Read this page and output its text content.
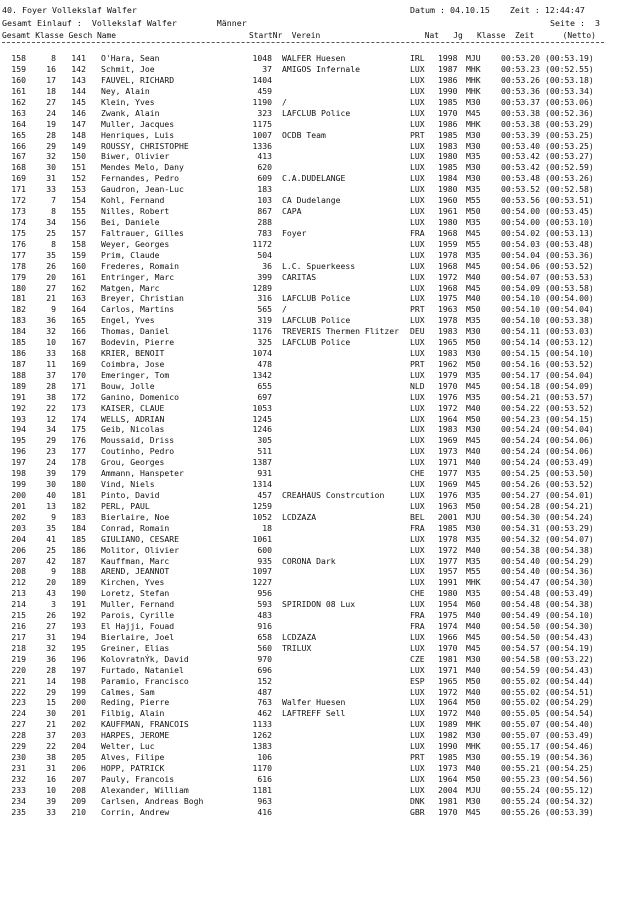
40. Foyer Vollekslaf Walfer	Datum : 04.10.15    Zeit : 12:44:47
Gesamt Einlauf :  Vollekslaf Walfer        Männer	Seite :  3
Gesamt Klasse Gesch Name                            StartNr  Verein                      Nat   Jg   Klasse  Zeit      (Netto)
158	8 141 O'Hara, Sean	1048 WALFER Huesen	IRL 1998 MJU	00:53.20 (00:53.19)
159	16 142 Schmit, Joe	37 AMIGOS Infernale	LUX 1987 MHK	00:53.23 (00:52.55)
160	17 143 FAUVEL, RICHARD	1404	LUX 1986 MHK	00:53.26 (00:53.18)
161	18 144 Ney, Alain	459	LUX 1990 MHK	00:53.36 (00:53.34)
162	27 145 Klein, Yves	1190 /	LUX 1985 M30	00:53.37 (00:53.06)
163	24 146 Zwank, Alain	323 LAFCLUB Police	LUX 1970 M45	00:53.38 (00:52.36)
164	19 147 Muller, Jacques	1175	LUX 1986 MHK	00:53.38 (00:53.29)
165	28 148 Henriques, Luis	1007 OCDB Team	PRT 1985 M30	00:53.39 (00:53.25)
166	29 149 ROUSSY, CHRISTOPHE	1336	LUX 1983 M30	00:53.40 (00:53.25)
167	32 150 Biwer, Olivier	413	LUX 1980 M35	00:53.42 (00:53.27)
168	30 151 Mendes Melo, Dany	620	LUX 1985 M30	00:53.42 (00:52.59)
169	31 152 Fernandes, Pedro	609 C.A.DUDELANGE	LUX 1984 M30	00:53.48 (00:53.26)
171	33 153 Gaudron, Jean-Luc	183	LUX 1980 M35	00:53.52 (00:52.58)
172	7 154 Kohl, Fernand	103 CA Dudelange	LUX 1960 M55	00:53.56 (00:53.51)
173	8 155 Nilles, Robert	867 CAPA	LUX 1961 M50	00:54.00 (00:53.45)
174	34 156 Bei, Daniele	288	LUX 1980 M35	00:54.00 (00:53.10)
175	25 157 Faltrauer, Gilles	783 Foyer	FRA 1968 M45	00:54.02 (00:53.13)
176	8 158 Weyer, Georges	1172	LUX 1959 M55	00:54.03 (00:53.48)
177	35 159 Prim, Claude	504	LUX 1978 M35	00:54.04 (00:53.36)
178	26 160 Frederes, Romain	36 L.C. Spuerkeess	LUX 1968 M45	00:54.06 (00:53.52)
179	20 161 Entringer, Marc	399 CARITAS	LUX 1972 M40	00:54.07 (00:53.53)
180	27 162 Matgen, Marc	1289	LUX 1968 M45	00:54.09 (00:53.58)
181	21 163 Breyer, Christian	316 LAFCLUB Police	LUX 1975 M40	00:54.10 (00:54.00)
182	9 164 Carlos, Martins	565 /	PRT 1963 M50	00:54.10 (00:54.04)
183	36 165 Engel, Yves	319 LAFCLUB Police	LUX 1978 M35	00:54.10 (00:53.38)
184	32 166 Thomas, Daniel	1176 TREVERIS Thermen Flitzer DEU 1983 M30	00:54.11 (00:53.03)
185	10 167 Bodevin, Pierre	325 LAFCLUB Police	LUX 1965 M50	00:54.14 (00:53.12)
186	33 168 KRIER, BENOIT	1074	LUX 1983 M30	00:54.15 (00:54.10)
187	11 169 Coimbra, Jose	478	PRT 1962 M50	00:54.16 (00:53.52)
188	37 170 Emeringer, Tom	1342	LUX 1979 M35	00:54.17 (00:54.04)
189	28 171 Bouw, Jolle	655	NLD 1970 M45	00:54.18 (00:54.09)
191	38 172 Ganino, Domenico	697	LUX 1976 M35	00:54.21 (00:53.57)
192	22 173 KAISER, CLAUE	1053	LUX 1972 M40	00:54.22 (00:53.52)
193	12 174 WELLS, ADRIAN	1245	LUX 1964 M50	00:54.23 (00:54.15)
194	34 175 Geib, Nicolas	1246	LUX 1983 M30	00:54.24 (00:54.04)
195	29 176 Moussaid, Driss	305	LUX 1969 M45	00:54.24 (00:54.06)
196	23 177 Coutinho, Pedro	511	LUX 1973 M40	00:54.24 (00:54.06)
197	24 178 Grou, Georges	1387	LUX 1971 M40	00:54.24 (00:53.49)
198	39 179 Ammann, Hanspeter	931	CHE 1977 M35	00:54.25 (00:53.50)
199	30 180 Vind, Niels	1314	LUX 1969 M45	00:54.26 (00:53.52)
200	40 181 Pinto, David	457 CREAHAUS Constrcution	LUX 1976 M35	00:54.27 (00:54.01)
201	13 182 PERL, PAUL	1259	LUX 1963 M50	00:54.28 (00:54.21)
202	9 183 Bierlaire, Noe	1052 LCDZAZA	BEL 2001 MJU	00:54.30 (00:54.24)
203	35 184 Conrad, Romain	18	FRA 1985 M30	00:54.31 (00:53.29)
204	41 185 GIULIANO, CESARE	1061	LUX 1978 M35	00:54.32 (00:54.07)
206	25 186 Molitor, Olivier	600	LUX 1972 M40	00:54.38 (00:54.38)
207	42 187 Kauffman, Marc	935 CORONA Dark	LUX 1977 M35	00:54.40 (00:54.29)
208	9 188 AREND, JEANNOT	1097	LUX 1957 M55	00:54.40 (00:54.36)
212	20 189 Kirchen, Yves	1227	LUX 1991 MHK	00:54.47 (00:54.30)
213	43 190 Loretz, Stefan	956	CHE 1980 M35	00:54.48 (00:53.49)
214	3 191 Muller, Fernand	593 SPIRIDON 08 Lux	LUX 1954 M60	00:54.48 (00:54.38)
215	26 192 Parois, Cyrille	483	FRA 1975 M40	00:54.49 (00:54.10)
216	27 193 El Hajji, Fouad	916	FRA 1974 M40	00:54.50 (00:54.30)
217	31 194 Bierlaire, Joel	658 LCDZAZA	LUX 1966 M45	00:54.50 (00:54.43)
218	32 195 Greiner, Elias	560 TRILUX	LUX 1970 M45	00:54.57 (00:54.19)
219	36 196 KolovratnÝk, David	970	CZE 1981 M30	00:54.58 (00:53.22)
220	28 197 Furtado, Nataniel	696	LUX 1971 M40	00:54.59 (00:54.43)
221	14 198 Paramio, Francisco	152	ESP 1965 M50	00:55.02 (00:54.44)
222	29 199 Calmes, Sam	487	LUX 1972 M40	00:55.02 (00:54.51)
223	15 200 Reding, Pierre	763 Walfer Huesen	LUX 1964 M50	00:55.02 (00:54.29)
224	30 201 Filbig, Alain	462 LAFTREFF Sell	LUX 1972 M40	00:55.05 (00:54.54)
227	21 202 KAUFFMAN, FRANCOIS	1133	LUX 1989 MHK	00:55.07 (00:54.40)
228	37 203 HARPES, JEROME	1262	LUX 1982 M30	00:55.07 (00:53.49)
229	22 204 Welter, Luc	1383	LUX 1990 MHK	00:55.17 (00:54.46)
230	38 205 Alves, Filipe	106	PRT 1985 M30	00:55.19 (00:54.36)
231	31 206 HOPP, PATRICK	1170	LUX 1973 M40	00:55.21 (00:54.25)
232	16 207 Pauly, Francois	616	LUX 1964 M50	00:55.23 (00:54.56)
233	10 208 Alexander, William	1181	LUX 2004 MJU	00:55.24 (00:55.12)
234	39 209 Carlsen, Andreas Bogh	963	DNK 1981 M30	00:55.24 (00:54.32)
235	33 210 Corrin, Andrew	416	GBR 1970 M45	00:55.26 (00:53.39)
